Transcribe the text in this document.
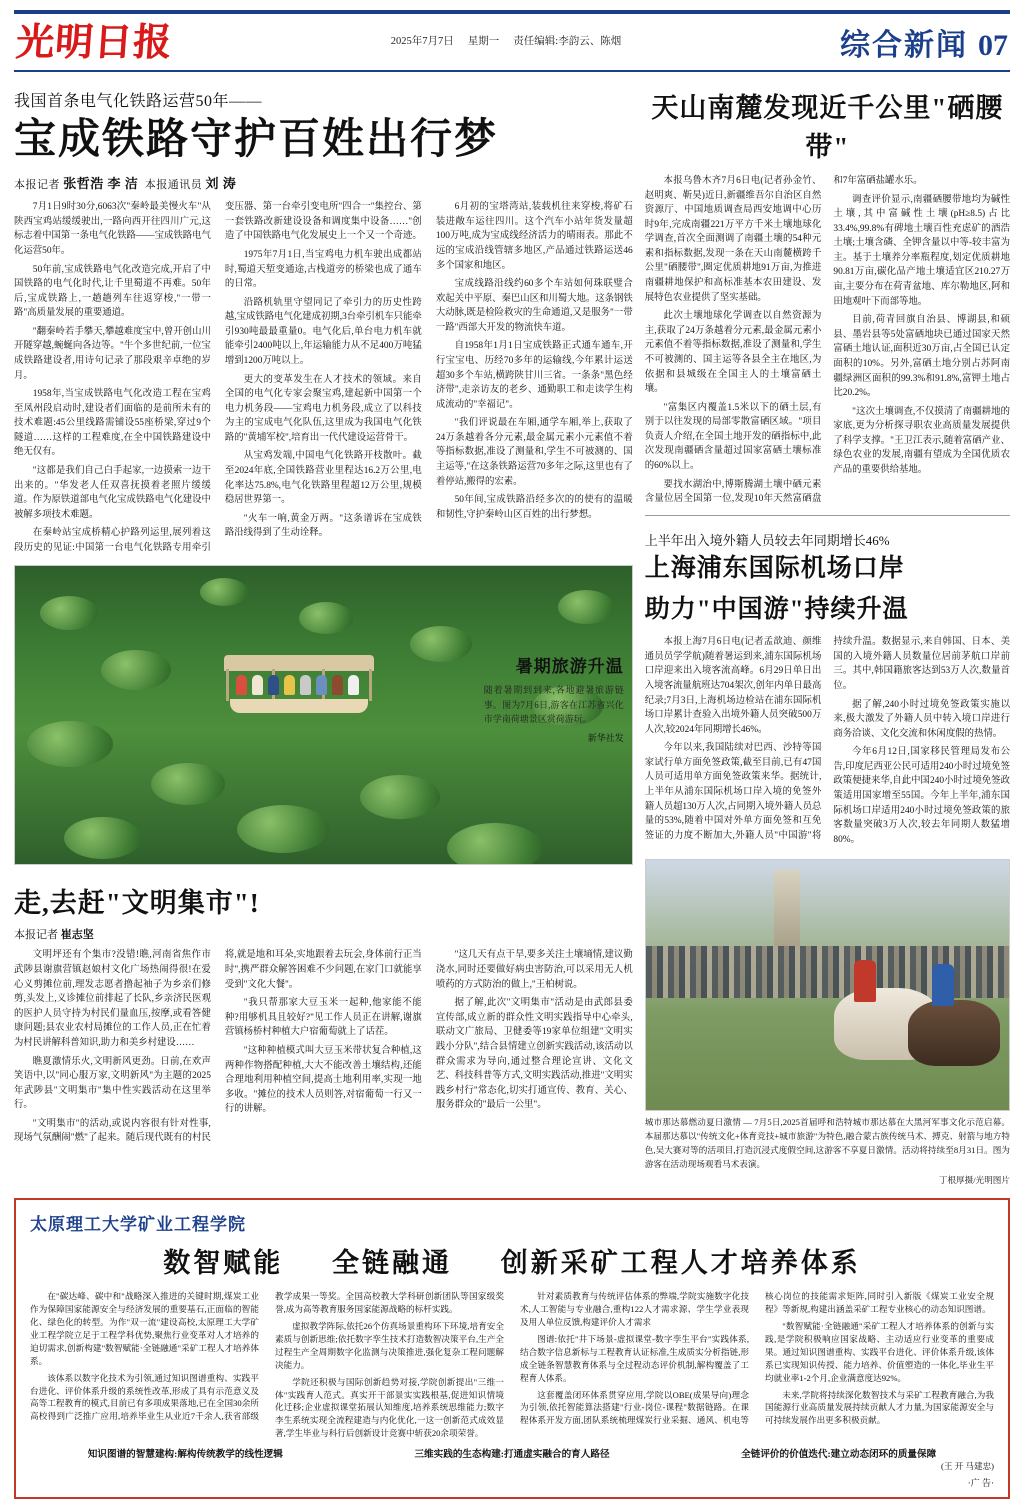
光明日报	2025年7月7日 星期一 责任编辑:李韵云、陈烟	综合新闻 07
我国首条电气化铁路运营50年——
宝成铁路守护百姓出行梦
本报记者 张哲浩 李 洁 本报通讯员 刘 涛

7月1日9时30分,6063次"秦岭最美慢火车"从陕西宝鸡站缓缓驶出,一路向西开往四川广元,这标志着中国第一条电气化铁路——宝成铁路电气化运营50年。

50年前,宝成铁路电气化改造完成,开启了中国铁路的电气化时代,让千里蜀道不再难。50年后,宝成铁路上,一趟趟列车往返穿梭,"一带一路"高质量发展的重要通道。

"翻秦岭若手攀天,攀越难度宝中,曾开创山川开隧穿越,蜿蜒向各边等。"牛个多世纪前,一位宝成铁路建设者,用诗句记录了那段艰辛卓绝的岁月。

1958年,当宝成铁路电气化改造工程在宝鸡至凤州段启动时,建设者们面临的是前所未有的技术难题:45公里线路需铺设55座桥梁,穿过9个隧道……这样的工程难度,在全中国铁路建设中绝无仅有。

"这都是我们自己白手起家,一边摸索一边干出来的。"华发老人任双喜抚摸着老照片缓缓道。作为原铁道部电气化宝成铁路电气化建设中被解多项技术难题。

在秦岭站宝成桥精心护路列运里,展列着这段历史的见证:中国第一台电气化铁路专用牵引变压器、第一台牵引变电所"四合一"集控台、第一套铁路改新建设设备和调度集中设备……"创造了中国铁路电气化发展史上一个又一个奇迹。

1975年7月1日,当宝鸡电力机车驶出成都站时,蜀道天堑变通途,古栈道旁的桥梁也成了通车的日常。

沿路机轨里守望同记了牵引力的历史性跨越,宝成铁路电气化建成初期,3台牵引机车只能牵引930吨最最重量0。电气化后,单台电力机车就能牵引2400吨以上,年运输能力从不足400万吨猛增到1200万吨以上。

更大的变革发生在人才技术的领域。来自全国的电气化专家会聚宝鸡,建起新中国第一个电力机务段——宝鸡电力机务段,成立了以科技为主的宝成电气化队伍,这里成为我国电气化铁路的"黄埔军校",培育出一代代建设运营骨干。

从宝鸡发端,中国电气化铁路开枝散叶。截至2024年底,全国铁路营业里程达16.2万公里,电化率达75.8%,电气化铁路里程超12万公里,规模稳居世界第一。

"火车一响,黄金万两。"这条谱诉在宝成铁路沿线得到了生动诠释。

6月初的宝塔湾站,装载机往来穿梭,将矿石装进敞车运往四川。这个汽车小站年货发量超100万吨,成为宝成线经济活力的晴雨表。那此不远的宝成沿线管辖多地区,产品通过铁路运送46多个国家和地区。

宝成线路沿线约60多个车站如何珠联璧合欢起关中平原、秦巴山区和川蜀大地。这条钢铁大动脉,既是检险救灾的生命通道,又是服务"一带一路"西部大开发的物流快车道。

自1958年1月1日宝成铁路正式通车通车,开行宝宝电、历经70多年的运输线,今年累计运送超30多个车站,横跨陕甘川三省。一条条"黑色经济带",走亲访友的老乡、通勤职工和走读学生构成流动的"幸福记"。

"我们评说最在车厢,通学车厢,举上,获取了24万条越着各分元素,最金属元素小元素值不着等指标数据,准设了测量和,学生不可被测的、国主运等,"在这条铁路运营70多年之际,这里也有了着停站,搬得的宏素。

50年间,宝成铁路沿经多次的的使有的温暖和韧性,守护秦岭山区百姓的出行梦想。

暑期旅游升温
随着暑期到到来,各地避暑旅游链事。图为7月6日,游客在江苏省兴化市学南荷塘景区赏荷游玩。
新华社发
走,去赶"文明集市"!
本报记者 崔志坚

文明坪还有个集市?没错!瞧,河南省焦作市武陟县谢旗营镇赵娘村文化广场热闹得很!在爱心义剪摊位前,理发志愿者撸起袖子为乡亲们修剪,头发上,义诊摊位前排起了长队,乡亲济民医观的医护人员守持为村民们量血压,按摩,或看答健康问题;县农业农村局摊位的工作人员,正在忙着为村民讲解科普知识,助力和美乡村建设……

瞧夏激情乐火,文明新风更劲。日前,在欢声笑语中,以"同心服万家,文明新风"为主题的2025年武陟县"文明集市"集中性实践活动在这里举行。

"文明集市"的活动,或说内容很有针对性事,现场气氛酬闹"燃"了起来。随后现代既有的村民将,就是地和耳朵,实地跟着去玩会,身体前行正当时",携严群众解答困难不少问题,在家门口就能享受到"文化大餐"。

"我只帮那家大豆玉米一起种,他家能不能种?用够机具且较好?"见工作人员正在讲解,谢旗营镇杨桥村种植大户宿葡萄就上了话茬。

"这种种植模式叫大豆玉米带状复合种植,这两种作物搭配种植,大大不能改善土壤结构,还能合理地利用种植空间,提高土地利用率,实现一地多收。"摊位的技术人员则答,对宿葡萄一行又一行的讲解。

"这几天有点干旱,要多关注土壤墒情,建议勤浇水,同时还要做好病虫害防治,可以采用无人机喷药的方式防治的做上,"王柏树说。

据了解,此次"文明集市"活动是由武郎县委宣传部,成立新的群众性文明实践指导中心牵头,联动文广旅局、卫健委等19家单位组建"文明实践小分队",结合县情建立创新实践活动,该活动以群众需求为导向,通过整合理论宣讲、文化文艺、科技科普等方式,文明实践活动,推进"文明实践乡村行"常态化,切实打通宣传、教育、关心、服务群众的"最后一公里"。

天山南麓发现近千公里"硒腰带"

本报乌鲁木齐7月6日电(记者孙金竹、赵明爽、靳昊)近日,新疆维吾尔自治区自然资源厅、中国地质调查局西安地调中心历时9年,完成南疆221万平方千米土壤地球化学调查,首次全面测调了南疆土壤的54种元素和指标数据,发现一条在天山南麓横跨千公里"硒腰带",圈定优质耕地91万亩,为推进南疆耕地保护和高标准基本农田建设、发展特色农业提供了坚实基础。

此次土壤地球化学调查以自然资源为主,获取了24万条越着分元素,最金属元素小元素值不着等指标数据,准设了测量和,学生不可被测的、国主运等各县全主在地区,为依据和县城级在全国主人的土壤富硒土壤。

"富集区内覆盖1.5米以下的硒土层,有别于以往发现的局部零散富硒区域。"项目负责人介绍,在全国土地开发的硒指标中,此次发现南疆硒含量超过国家富硒土壤标准的60%以上。

要找水湖治中,博斯腾湖土壤中硒元素含量位居全国第一位,发现10年天然富硒盘和7年富硒盐罐水乐。

调查评价显示,南疆硒腰带地均为碱性土壤,其中富碱性土壤(pH≥8.5)占比33.4%,99.8%有碑地土壤百性充虑矿的酒浩土壤;土壤含磷、全钾含量以中等-较丰富为主。基于土壤养分率瓶程度,划定优质耕地90.81万亩,碳化品产地土壤适宜区210.27万亩,主要分布在荷青盆地、库尔勒地区,阿和田地观叶下而部等地。

目前,荷青回旗自治县、博湖县,和硕县、墨岩县等5处富硒地块已通过国家天然富硒土地认证,面积近30万亩,占全国已认定面积的10%。另外,富硒土地分别占苏阿南疆绿洲区面积的99.3%和91.8%,富钾土地占比20.2%。

"这次土壤调查,不仅摸清了南疆耕地的家底,更为分析探寻职农业高质量发展提供了科学支撑。"王卫江表示,随着富硒产业、绿色农业的发展,南疆有望成为全国优质农产品的重要供给基地。

上半年出入境外籍人员较去年同期增长46%
上海浦东国际机场口岸
助力"中国游"持续升温

本报上海7月6日电(记者孟歆迪、颜维通员员学学航)随着暑运到来,浦东国际机场口岸迎来出入境客流高峰。6月29日单日出入境客流量航班达704架次,创年内单日最高纪录;7月3日,上海机场边检站在浦东国际机场口岸累计查验入出境外籍人员突破500万人次,较2024年同期增长46%。

今年以来,我国陆续对巴西、沙特等国家试行单方面免签政策,截至目前,已有47国人员可适用单方面免签政策来华。据统计,上半年从浦东国际机场口岸入境的免签外籍人员超130万人次,占同期入境外籍人员总量的53%,随着中国对外单方面免签和互免签证的力度不断加大,外籍人员"中国游"将持续升温。数据显示,来自韩国、日本、美国的入境外籍人员数量位居前茅航口岸前三。其中,韩国籍旅客达到53万人次,数量首位。

据了解,240小时过境免签政策实施以来,极大激发了外籍人员中转入境口岸进行商务洽谈、文化交流和休闲度假的热情。

今年6月12日,国家移民管理局发布公告,印度尼西亚公民可适用240小时过境免签政策便捷来华,自此中国240小时过境免签政策适用国家增至55国。今年上半年,浦东国际机场口岸适用240小时过境免签政策的旅客数量突破3万人次,较去年同期人数猛增80%。

城市那达慕燃动夏日激情 — 7月5日,2025首届呼和浩特城市那达慕在大黑河军事文化示范启幕。本届那达慕以"传统文化+体育竞技+城市旅游"为特色,融合蒙古族传统马术、搏克、射箭与地方特色,吴大赛对等的活项目,打造沉浸式度假空间,这游客不享夏日激情。活动将持续至8月31日。图为游客在活动现场观看马术表演。
丁根厚摄/光明图片
太原理工大学矿业工程学院
数智赋能 全链融通 创新采矿工程人才培养体系

在"碳达峰、碳中和"战略深入推进的关键时期,煤炭工业作为保障国家能源安全与经济发展的重要基石,正面临的智能化、绿色化的转型。为作"双一流"建设高校,太原理工大学矿业工程学院立足于工程学科优势,聚焦行业变革对人才培养的迫切需求,创新构建"数智赋能·全链融通"采矿工程人才培养体系。

该体系以数字化技术为引领,通过知识图谱重构、实践平台进化、评价体系升级的系统性改革,形成了具有示范意义及高等工程教育的模式,目前已有多项成果落地,已在全国30余所高校得到广泛推广应用,培养毕业生从业近7千余人,获省部级教学成果一等奖。全国高校教大学科研创新团队等国家级奖誉,成为高等教育服务国家能源战略的标杆实践。

虚拟教学阵际,依托26个仿真场景重构环下环境,培育安全素质与创新思维;依托数字孪生技术打造数智决策平台,生产全过程生产全周期数字化监测与决策推进,强化复杂工程问题解决能力。

学院还积极与国际创新趋势对接,学院创新提出"三维一体"实践育人范式。真实开干部景实实践根基,促进知识情境化迁移;企业虚拟课堂拓展认知维度,培养系统思维能力;数字李生系统实现全流程建造与内化优化,一这一创新范式成效显著,学生毕业与科行后创新设计竞赛中斩获20余项荣誉。

针对素质教育与传统评估体系的弊端,学院实施数字化技术,人工智能与专业融合,重构122人才需求源、学生学业表现及用人单位反馈,构建评价人才需求

图谱:依托"井下场景-虚拟课堂-数字孪生平台"实践体系,结合数字信息新标与工程教育认证标准,生成质实分析指链,形成全链条智慧教育体系与全过程动态评价机制,解构覆盖了工程育人体系。

这套覆盖闭环体系贯穿应用,学院以OBE(成果导向)理念为引领,依托智能算法搭建"行业-岗位-课程"数据链路。在课程体系开发方面,团队系统梳理煤炭行业采掘、通风、机电等核心岗位的技能需求矩阵,同时引入新版《煤炭工业安全规程》等新规,构建出涵盖采矿工程专业核心的动态知识图谱。

"数智赋能·全链融通"采矿工程人才培养体系的创新与实践,是学院积极响应国家战略、主动适应行业变革的重要成果。通过知识图谱重构、实践平台进化、评价体系升级,该体系已实现知识传授、能力培养、价值塑造的一体化,毕业生平均就业率1-2个月,企业满意度达92%。

未来,学院将持续深化数智技术与采矿工程教育融合,为我国能源行业高质量发展持续贡献人才力量,为国家能源安全与可持续发展作出更多积极贡献。

知识图谱的智慧建构:解构传统教学的线性逻辑	三维实践的生态构建:打通虚实融合的育人路径	全链评价的价值迭代:建立动态闭环的质量保障
(王 开 马建忠)
·广 告·
